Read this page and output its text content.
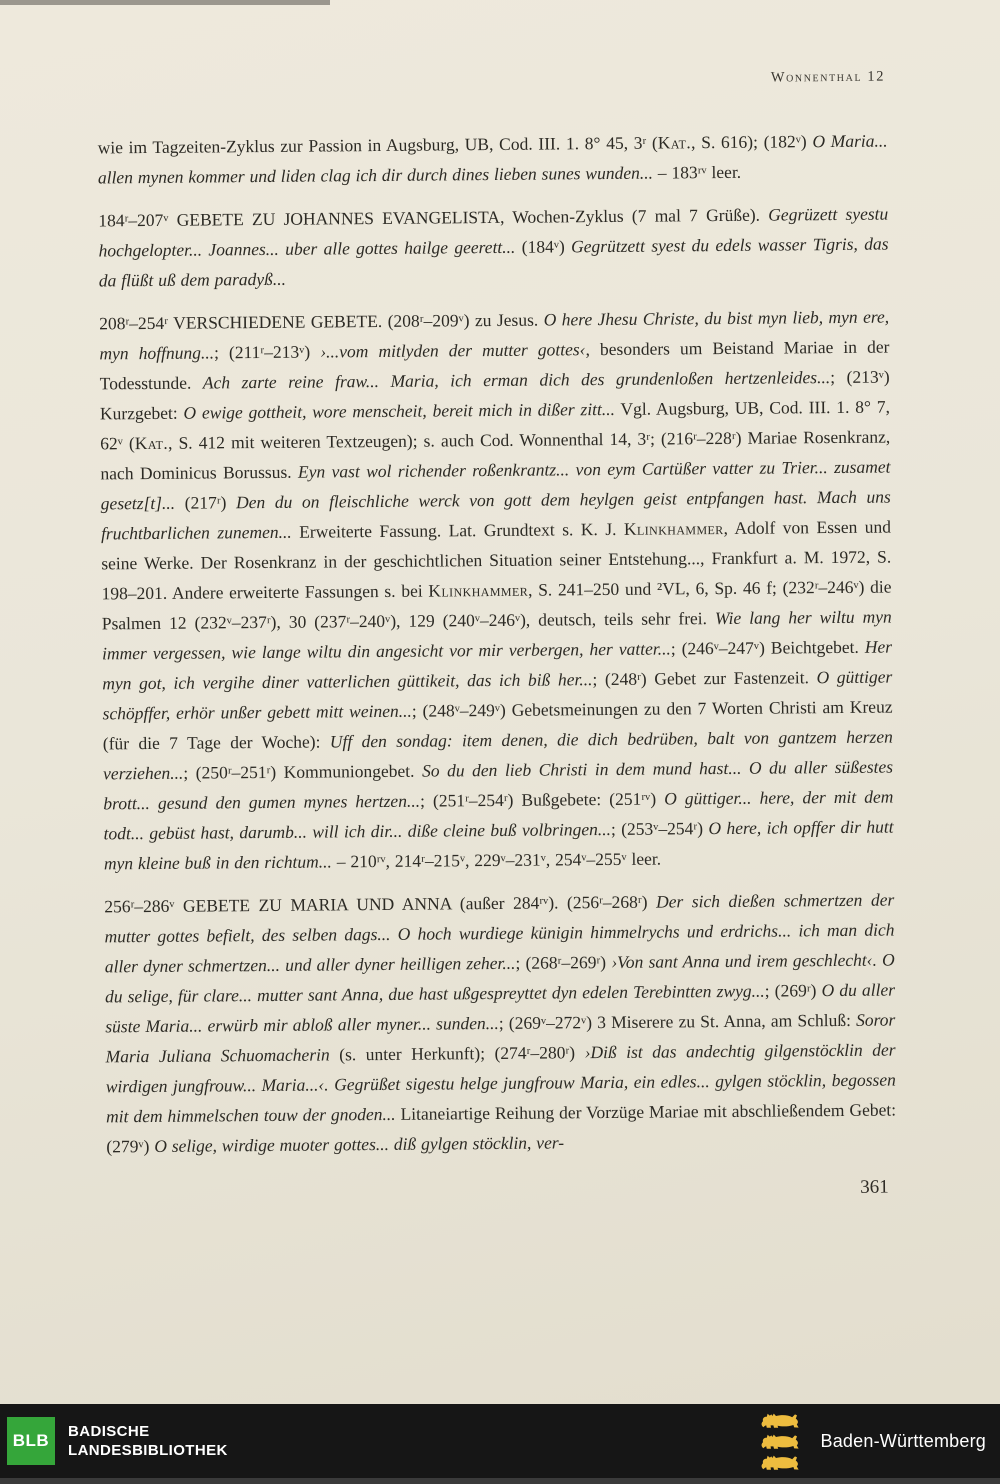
Wonnenthal 12

wie im Tagzeiten-Zyklus zur Passion in Augsburg, UB, Cod. III. 1. 8° 45, 3ʳ (Kat., S. 616); (182ᵛ) O Maria... allen mynen kommer und liden clag ich dir durch dines lieben sunes wunden... – 183ʳᵛ leer.

184ʳ–207ᵛ GEBETE ZU JOHANNES EVANGELISTA, Wochen-Zyklus (7 mal 7 Grüße). Gegrüzett syestu hochgelopter... Joannes... uber alle gottes hailge geerett... (184ᵛ) Gegrützett syest du edels wasser Tigris, das da flüßt uß dem paradyß...

208ʳ–254ʳ VERSCHIEDENE GEBETE. (208ʳ–209ᵛ) zu Jesus. O here Jhesu Christe, du bist myn lieb, myn ere, myn hoffnung...; (211ʳ–213ᵛ) ›...vom mitlyden der mutter gottes‹, besonders um Beistand Mariae in der Todesstunde. Ach zarte reine fraw... Maria, ich erman dich des grundenloßen hertzenleides...; (213ᵛ) Kurzgebet: O ewige gottheit, wore menscheit, bereit mich in dißer zitt... Vgl. Augsburg, UB, Cod. III. 1. 8° 7, 62ᵛ (Kat., S. 412 mit weiteren Textzeugen); s. auch Cod. Wonnenthal 14, 3ʳ; (216ʳ–228ʳ) Mariae Rosenkranz, nach Dominicus Borussus. Eyn vast wol richender roßenkrantz... von eym Cartüßer vatter zu Trier... zusamet gesetz[t]... (217ʳ) Den du on fleischliche werck von gott dem heylgen geist entpfangen hast. Mach uns fruchtbarlichen zunemen... Erweiterte Fassung. Lat. Grundtext s. K. J. Klinkhammer, Adolf von Essen und seine Werke. Der Rosenkranz in der geschichtlichen Situation seiner Entstehung..., Frankfurt a. M. 1972, S. 198–201. Andere erweiterte Fassungen s. bei Klinkhammer, S. 241–250 und ²VL, 6, Sp. 46 f; (232ʳ–246ᵛ) die Psalmen 12 (232ᵛ–237ʳ), 30 (237ʳ–240ᵛ), 129 (240ᵛ–246ᵛ), deutsch, teils sehr frei. Wie lang her wiltu myn immer vergessen, wie lange wiltu din angesicht vor mir verbergen, her vatter...; (246ᵛ–247ᵛ) Beichtgebet. Her myn got, ich vergihe diner vatterlichen güttikeit, das ich biß her...; (248ʳ) Gebet zur Fastenzeit. O güttiger schöpffer, erhör unßer gebett mitt weinen...; (248ᵛ–249ᵛ) Gebetsmeinungen zu den 7 Worten Christi am Kreuz (für die 7 Tage der Woche): Uff den sondag: item denen, die dich bedrüben, balt von gantzem herzen verziehen...; (250ʳ–251ʳ) Kommuniongebet. So du den lieb Christi in dem mund hast... O du aller süßestes brott... gesund den gumen mynes hertzen...; (251ʳ–254ʳ) Bußgebete: (251ʳᵛ) O güttiger... here, der mit dem todt... gebüst hast, darumb... will ich dir... diße cleine buß volbringen...; (253ᵛ–254ʳ) O here, ich opffer dir hutt myn kleine buß in den richtum... – 210ʳᵛ, 214ʳ–215ᵛ, 229ᵛ–231ᵛ, 254ᵛ–255ᵛ leer.

256ʳ–286ᵛ GEBETE ZU MARIA UND ANNA (außer 284ʳᵛ). (256ʳ–268ʳ) Der sich dießen schmertzen der mutter gottes befielt, des selben dags... O hoch wurdiege künigin himmelrychs und erdrichs... ich man dich aller dyner schmertzen... und aller dyner heilligen zeher...; (268ʳ–269ʳ) ›Von sant Anna und irem geschlecht‹. O du selige, für clare... mutter sant Anna, due hast ußgespreyttet dyn edelen Terebintten zwyg...; (269ʳ) O du aller süste Maria... erwürb mir abloß aller myner... sunden...; (269ᵛ–272ᵛ) 3 Miserere zu St. Anna, am Schluß: Soror Maria Juliana Schuomacherin (s. unter Herkunft); (274ʳ–280ʳ) ›Diß ist das andechtig gilgenstöcklin der wirdigen jungfrouw... Maria...‹. Gegrüßet sigestu helge jungfrouw Maria, ein edles... gylgen stöcklin, begossen mit dem himmelschen touw der gnoden... Litaneiartige Reihung der Vorzüge Mariae mit abschließendem Gebet: (279ᵛ) O selige, wirdige muoter gottes... diß gylgen stöcklin, ver-

361
BLB BADISCHE
LANDESBIBLIOTHEK	Baden-Württemberg
